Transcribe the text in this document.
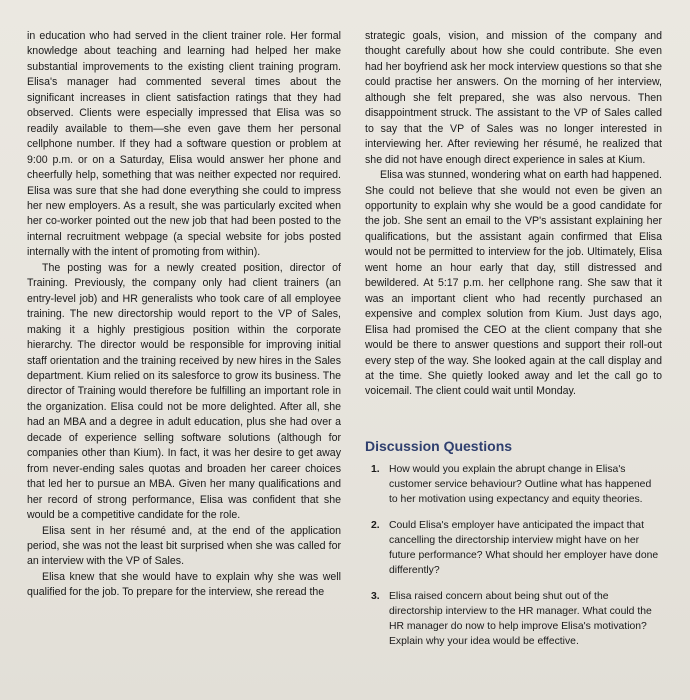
in education who had served in the client trainer role. Her formal knowledge about teaching and learning had helped her make substantial improvements to the existing client training program. Elisa's manager had commented several times about the significant increases in client satisfaction ratings that they had observed. Clients were especially impressed that Elisa was so readily available to them—she even gave them her personal cellphone number. If they had a software question or problem at 9:00 p.m. or on a Saturday, Elisa would answer her phone and cheerfully help, something that was neither expected nor required. Elisa was sure that she had done everything she could to impress her new employers. As a result, she was particularly excited when her co-worker pointed out the new job that had been posted to the internal recruitment webpage (a special website for jobs posted internally with the intent of promoting from within).

The posting was for a newly created position, director of Training. Previously, the company only had client trainers (an entry-level job) and HR generalists who took care of all employee training. The new directorship would report to the VP of Sales, making it a highly prestigious position within the corporate hierarchy. The director would be responsible for improving initial staff orientation and the training received by new hires in the Sales department. Kium relied on its salesforce to grow its business. The director of Training would therefore be fulfilling an important role in the organization. Elisa could not be more delighted. After all, she had an MBA and a degree in adult education, plus she had over a decade of experience selling software solutions (although for companies other than Kium). In fact, it was her desire to get away from never-ending sales quotas and broaden her career choices that led her to pursue an MBA. Given her many qualifications and her record of strong performance, Elisa was confident that she would be a competitive candidate for the role.

Elisa sent in her résumé and, at the end of the application period, she was not the least bit surprised when she was called for an interview with the VP of Sales.

Elisa knew that she would have to explain why she was well qualified for the job. To prepare for the interview, she reread the

strategic goals, vision, and mission of the company and thought carefully about how she could contribute. She even had her boyfriend ask her mock interview questions so that she could practise her answers. On the morning of her interview, although she felt prepared, she was also nervous. Then disappointment struck. The assistant to the VP of Sales called to say that the VP of Sales was no longer interested in interviewing her. After reviewing her résumé, he realized that she did not have enough direct experience in sales at Kium.

Elisa was stunned, wondering what on earth had happened. She could not believe that she would not even be given an opportunity to explain why she would be a good candidate for the job. She sent an email to the VP's assistant explaining her qualifications, but the assistant again confirmed that Elisa would not be permitted to interview for the job. Ultimately, Elisa went home an hour early that day, still distressed and bewildered. At 5:17 p.m. her cellphone rang. She saw that it was an important client who had recently purchased an expensive and complex solution from Kium. Just days ago, Elisa had promised the CEO at the client company that she would be there to answer questions and support their roll-out every step of the way. She looked again at the call display and at the time. She quietly looked away and let the call go to voicemail. The client could wait until Monday.

Discussion Questions
1. How would you explain the abrupt change in Elisa's customer service behaviour? Outline what has happened to her motivation using expectancy and equity theories.
2. Could Elisa's employer have anticipated the impact that cancelling the directorship interview might have on her future performance? What should her employer have done differently?
3. Elisa raised concern about being shut out of the directorship interview to the HR manager. What could the HR manager do now to help improve Elisa's motivation? Explain why your idea would be effective.
